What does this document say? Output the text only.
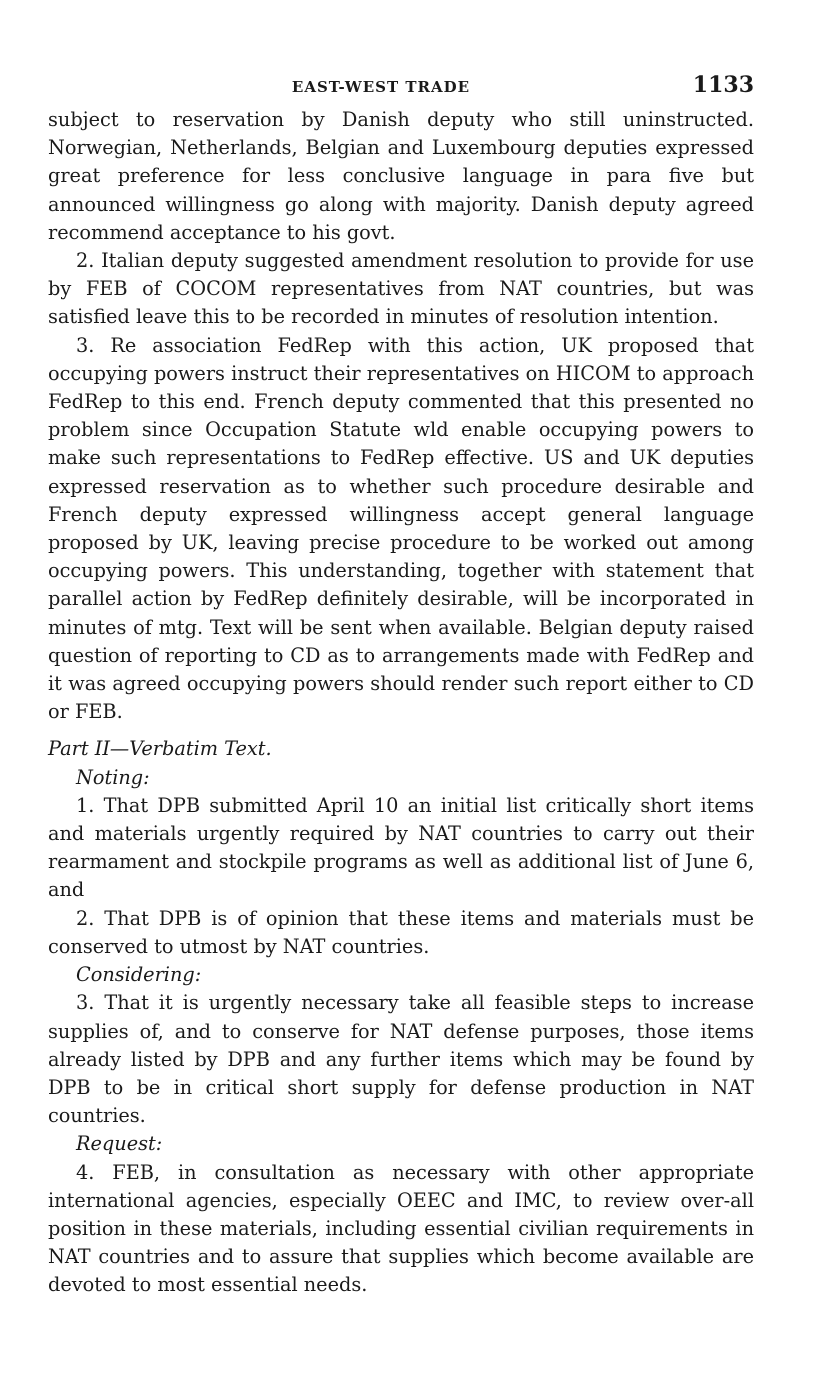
EAST-WEST TRADE	1133

subject to reservation by Danish deputy who still uninstructed. Norwegian, Netherlands, Belgian and Luxembourg deputies expressed great preference for less conclusive language in para five but announced willingness go along with majority. Danish deputy agreed recommend acceptance to his govt.

2. Italian deputy suggested amendment resolution to provide for use by FEB of COCOM representatives from NAT countries, but was satisfied leave this to be recorded in minutes of resolution intention.

3. Re association FedRep with this action, UK proposed that occupying powers instruct their representatives on HICOM to approach FedRep to this end. French deputy commented that this presented no problem since Occupation Statute wld enable occupying powers to make such representations to FedRep effective. US and UK deputies expressed reservation as to whether such procedure desirable and French deputy expressed willingness accept general language proposed by UK, leaving precise procedure to be worked out among occupying powers. This understanding, together with statement that parallel action by FedRep definitely desirable, will be incorporated in minutes of mtg. Text will be sent when available. Belgian deputy raised question of reporting to CD as to arrangements made with FedRep and it was agreed occupying powers should render such report either to CD or FEB.

Part II—Verbatim Text.

Noting:

1. That DPB submitted April 10 an initial list critically short items and materials urgently required by NAT countries to carry out their rearmament and stockpile programs as well as additional list of June 6, and

2. That DPB is of opinion that these items and materials must be conserved to utmost by NAT countries.

Considering:

3. That it is urgently necessary take all feasible steps to increase supplies of, and to conserve for NAT defense purposes, those items already listed by DPB and any further items which may be found by DPB to be in critical short supply for defense production in NAT countries.

Request:

4. FEB, in consultation as necessary with other appropriate international agencies, especially OEEC and IMC, to review over-all position in these materials, including essential civilian requirements in NAT countries and to assure that supplies which become available are devoted to most essential needs.
